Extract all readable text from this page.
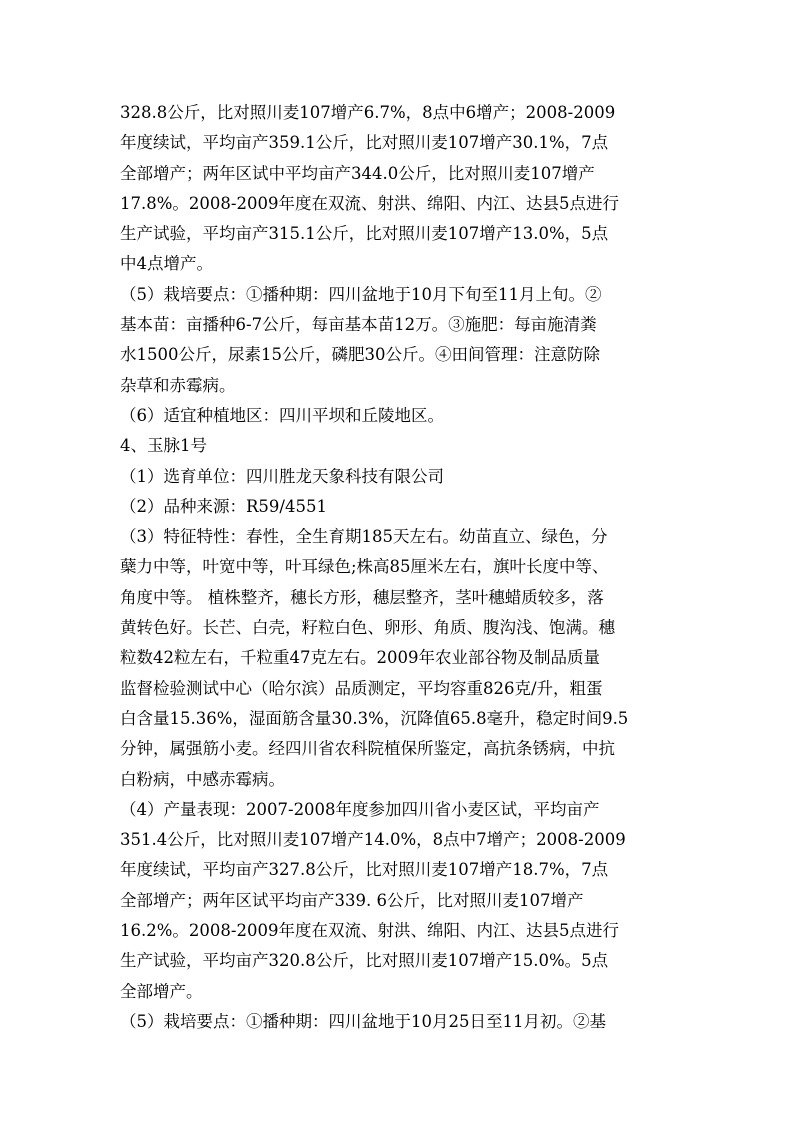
328.8公斤，比对照川麦107增产6.7%，8点中6增产；2008-2009
年度续试，平均亩产359.1公斤，比对照川麦107增产30.1%，7点
全部增产；两年区试中平均亩产344.0公斤，比对照川麦107增产
17.8%。2008-2009年度在双流、射洪、绵阳、内江、达县5点进行
生产试验，平均亩产315.1公斤，比对照川麦107增产13.0%，5点
中4点增产。
（5）栽培要点：①播种期：四川盆地于10月下旬至11月上旬。②
基本苗：亩播种6-7公斤，每亩基本苗12万。③施肥：每亩施清粪
水1500公斤，尿素15公斤，磷肥30公斤。④田间管理：注意防除
杂草和赤霉病。
（6）适宜种植地区：四川平坝和丘陵地区。
4、玉脉1号
（1）选育单位：四川胜龙天象科技有限公司
（2）品种来源：R59/4551
（3）特征特性：春性，全生育期185天左右。幼苗直立、绿色，分
蘖力中等，叶宽中等，叶耳绿色;株高85厘米左右，旗叶长度中等、
角度中等。 植株整齐，穗长方形，穗层整齐，茎叶穗蜡质较多，落
黄转色好。长芒、白壳，籽粒白色、卵形、角质、腹沟浅、饱满。穗
粒数42粒左右，千粒重47克左右。2009年农业部谷物及制品质量
监督检验测试中心（哈尔滨）品质测定，平均容重826克/升，粗蛋
白含量15.36%，湿面筋含量30.3%，沉降值65.8毫升，稳定时间9.5
分钟，属强筋小麦。经四川省农科院植保所鉴定，高抗条锈病，中抗
白粉病，中感赤霉病。
（4）产量表现：2007-2008年度参加四川省小麦区试，平均亩产
351.4公斤，比对照川麦107增产14.0%，8点中7增产；2008-2009
年度续试，平均亩产327.8公斤，比对照川麦107增产18.7%，7点
全部增产；两年区试平均亩产339. 6公斤，比对照川麦107增产
16.2%。2008-2009年度在双流、射洪、绵阳、内江、达县5点进行
生产试验，平均亩产320.8公斤，比对照川麦107增产15.0%。5点
全部增产。
（5）栽培要点：①播种期：四川盆地于10月25日至11月初。②基
